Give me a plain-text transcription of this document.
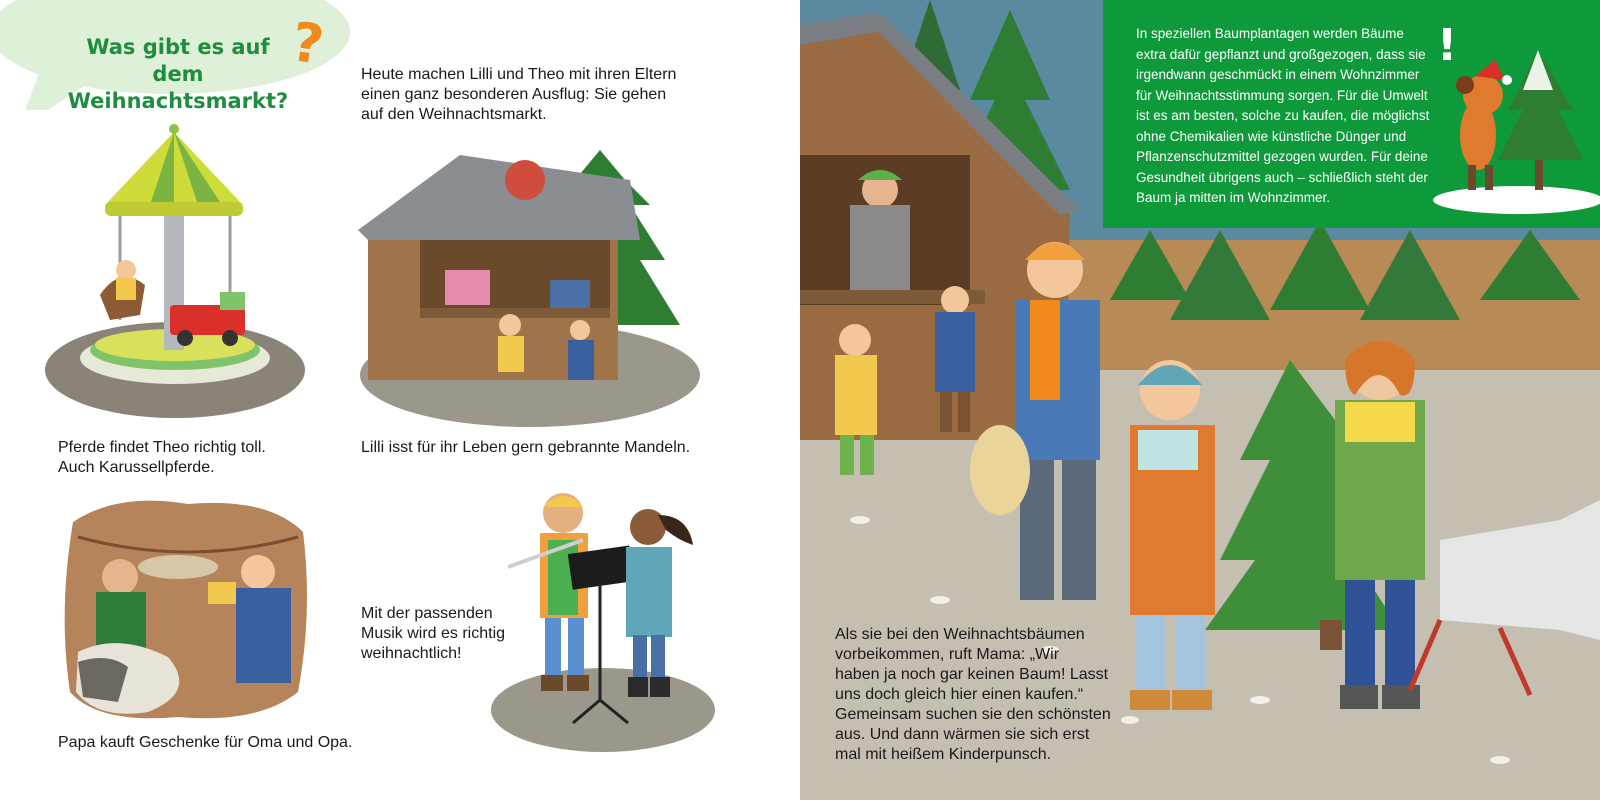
Was gibt es auf dem
Weihnachtsmarkt?
? Heute machen Lilli und Theo mit ihren Eltern
einen ganz besonderen Ausflug: Sie gehen
auf den Weihnachtsmarkt.
Pferde findet Theo richtig toll.
Auch Karussellpferde.
Lilli isst für ihr Leben gern gebrannte Mandeln.
Papa kauft Geschenke für Oma und Opa.
Mit der passenden
Musik wird es richtig
weihnachtlich!
In speziellen Baumplantagen werden Bäume
extra dafür gepflanzt und großgezogen, dass sie
irgendwann geschmückt in einem Wohnzimmer
für Weihnachtsstimmung sorgen. Für die Umwelt
ist es am besten, solche zu kaufen, die möglichst
ohne Chemikalien wie künstliche Dünger und
Pflanzenschutzmittel gezogen wurden. Für deine
Gesundheit übrigens auch – schließlich steht der
Baum ja mitten im Wohnzimmer.
!
Als sie bei den Weihnachtsbäumen
vorbeikommen, ruft Mama: „Wir
haben ja noch gar keinen Baum! Lasst
uns doch gleich hier einen kaufen.“
Gemeinsam suchen sie den schönsten
aus. Und dann wärmen sie sich erst
mal mit heißem Kinderpunsch.
